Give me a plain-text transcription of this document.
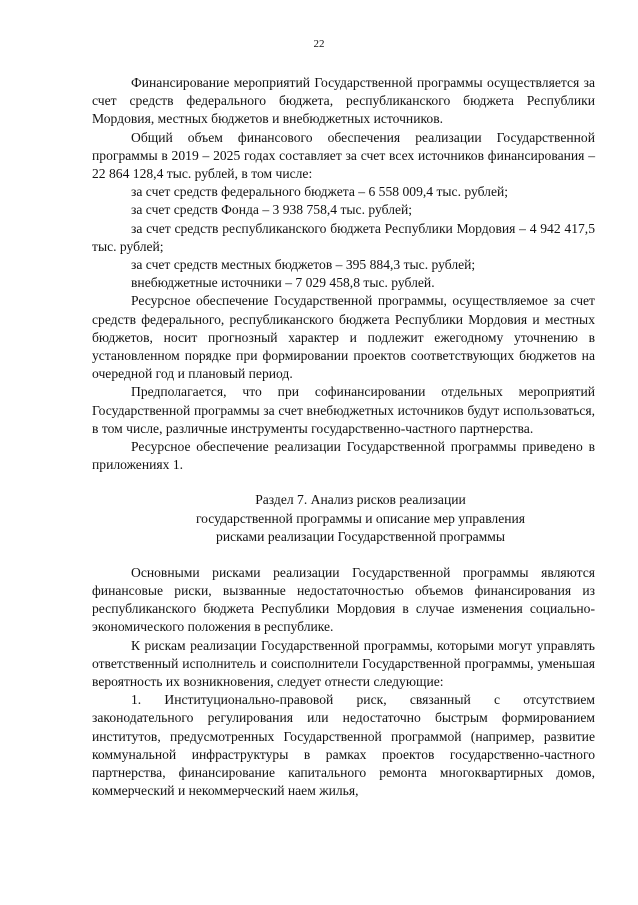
22

Финансирование мероприятий Государственной программы осуществляется за счет средств федерального бюджета, республиканского бюджета Республики Мордовия, местных бюджетов и внебюджетных источников.

Общий объем финансового обеспечения реализации Государственной программы в 2019 – 2025 годах составляет за счет всех источников финансирования – 22 864 128,4 тыс. рублей, в том числе:

за счет средств федерального бюджета – 6 558 009,4 тыс. рублей;

за счет средств Фонда – 3 938 758,4 тыс. рублей;

за счет средств республиканского бюджета Республики Мордовия – 4 942 417,5 тыс. рублей;

за счет средств местных бюджетов – 395 884,3 тыс. рублей;

внебюджетные источники – 7 029 458,8 тыс. рублей.

Ресурсное обеспечение Государственной программы, осуществляемое за счет средств федерального, республиканского бюджета Республики Мордовия и местных бюджетов, носит прогнозный характер и подлежит ежегодному уточнению в установленном порядке при формировании проектов соответствующих бюджетов на очередной год и плановый период.

Предполагается, что при софинансировании отдельных мероприятий Государственной программы за счет внебюджетных источников будут использоваться, в том числе, различные инструменты государственно-частного партнерства.

Ресурсное обеспечение реализации Государственной программы приведено в приложениях 1.

Раздел 7. Анализ рисков реализации
государственной программы и описание мер управления
рисками реализации Государственной программы

Основными рисками реализации Государственной программы являются финансовые риски, вызванные недостаточностью объемов финансирования из республиканского бюджета Республики Мордовия в случае изменения социально-экономического положения в республике.

К рискам реализации Государственной программы, которыми могут управлять ответственный исполнитель и соисполнители Государственной программы, уменьшая вероятность их возникновения, следует отнести следующие:

1. Институционально-правовой риск, связанный с отсутствием законодательного регулирования или недостаточно быстрым формированием институтов, предусмотренных Государственной программой (например, развитие коммунальной инфраструктуры в рамках проектов государственно-частного партнерства, финансирование капитального ремонта многоквартирных домов, коммерческий и некоммерческий наем жилья,
